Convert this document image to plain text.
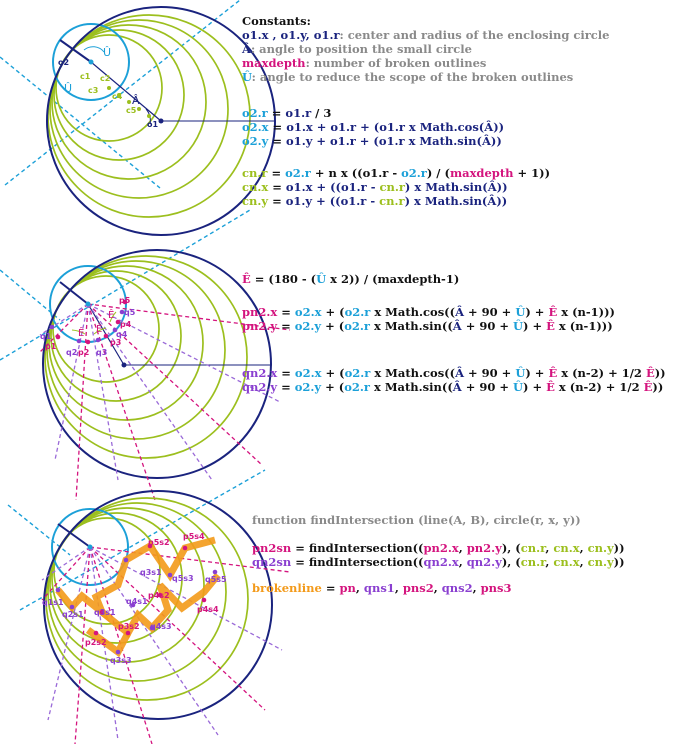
o2
o1
c1 c2
c3
c4
c5
Â
Û
Û
p1
p2
p3
p4
p5
q1
q2 q3
q4
q5
Ê Ê
Ê
p5s2
p5s4
q3s1
q5s3 q5s5
q4s1
p4s2
p4s4
q1s1
q2s1 q3s1
p3s2 q4s3
p2s2
q3s3
Constants:
o1.x , o1.y, o1.r: center and radius of the enclosing circle
Â: angle to position the small circle
maxdepth: number of broken outlines
Û: angle to reduce the scope of the broken outlines
o2.r = o1.r / 3
o2.x = o1.x + o1.r + (o1.r x Math.cos(Â))
o2.y = o1.y + o1.r + (o1.r x Math.sin(Â))
cn.r = o2.r + n x ((o1.r - o2.r) / (maxdepth + 1))
cn.x = o1.x + ((o1.r - cn.r) x Math.sin(Â))
cn.y = o1.y + ((o1.r - cn.r) x Math.sin(Â))
Ê = (180 - (Û x 2)) / (maxdepth-1)
pn2.x = o2.x + (o2.r x Math.cos((Â + 90 + Û) + Ê x (n-1)))
pn2.y = o2.y + (o2.r x Math.sin((Â + 90 + Û) + Ê x (n-1)))
qn2.x = o2.x + (o2.r x Math.cos((Â + 90 + Û) + Ê x (n-2) + 1/2 Ê))
qn2.y = o2.y + (o2.r x Math.sin((Â + 90 + Û) + Ê x (n-2) + 1/2 Ê))
function findIntersection (line(A, B), circle(r, x, y))
pn2sn = findIntersection((pn2.x, pn2.y), (cn.r, cn.x, cn.y))
qn2sn = findIntersection((qn2.x, qn2.y), (cn.r, cn.x, cn.y))
brokenline = pn, qns1, pns2, qns2, pns3
